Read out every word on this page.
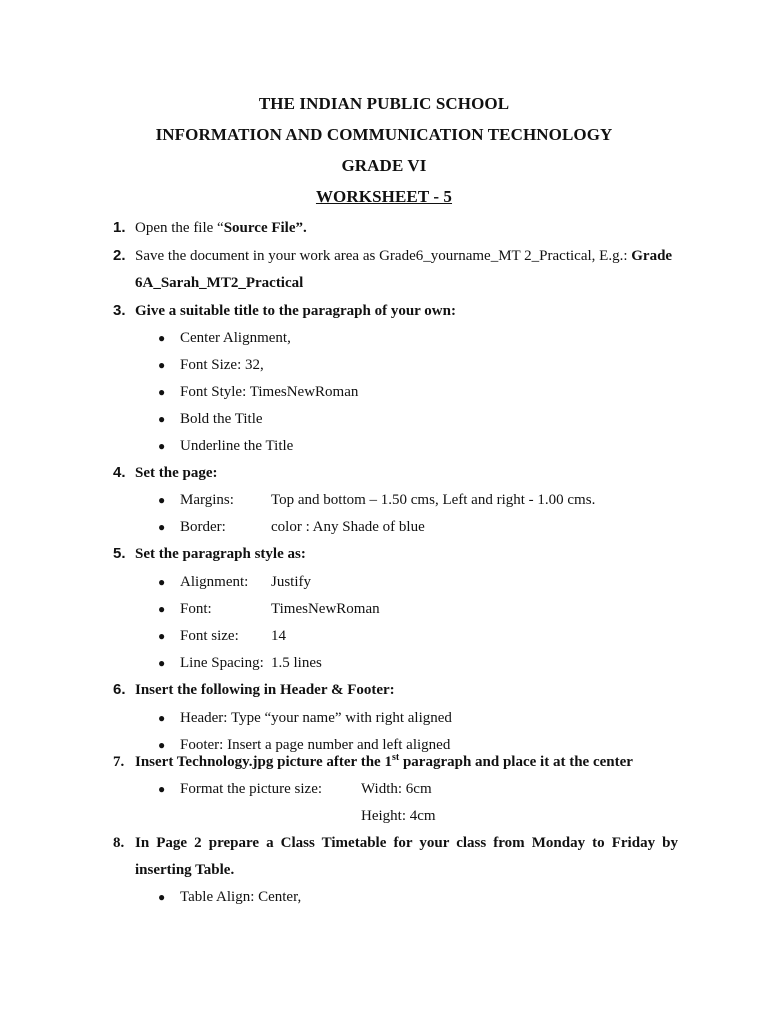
THE INDIAN PUBLIC SCHOOL
INFORMATION AND COMMUNICATION TECHNOLOGY
GRADE VI
WORKSHEET - 5
1. Open the file “Source File”.
2. Save the document in your work area as Grade6_yourname_MT 2_Practical, E.g.: Grade
6A_Sarah_MT2_Practical
3. Give a suitable title to the paragraph of your own:
● Center Alignment,
● Font Size: 32,
● Font Style: TimesNewRoman
● Bold the Title
● Underline the Title
4. Set the page:
● Margins: Top and bottom – 1.50 cms, Left and right - 1.00 cms.
● Border:	color : Any Shade of blue
5. Set the paragraph style as:
● Alignment: Justify
● Font:	TimesNewRoman
● Font size: 14
● Line Spacing: 1.5 lines
6. Insert the following in Header & Footer:
● Header: Type “your name” with right aligned
● Footer: Insert a page number and left aligned
7. Insert Technology.jpg picture after the 1st paragraph and place it at the center
● Format the picture size:	Width: 6cm
Height: 4cm
8. In Page 2 prepare a Class Timetable for your class from Monday to Friday by
inserting Table.
● Table Align: Center,
